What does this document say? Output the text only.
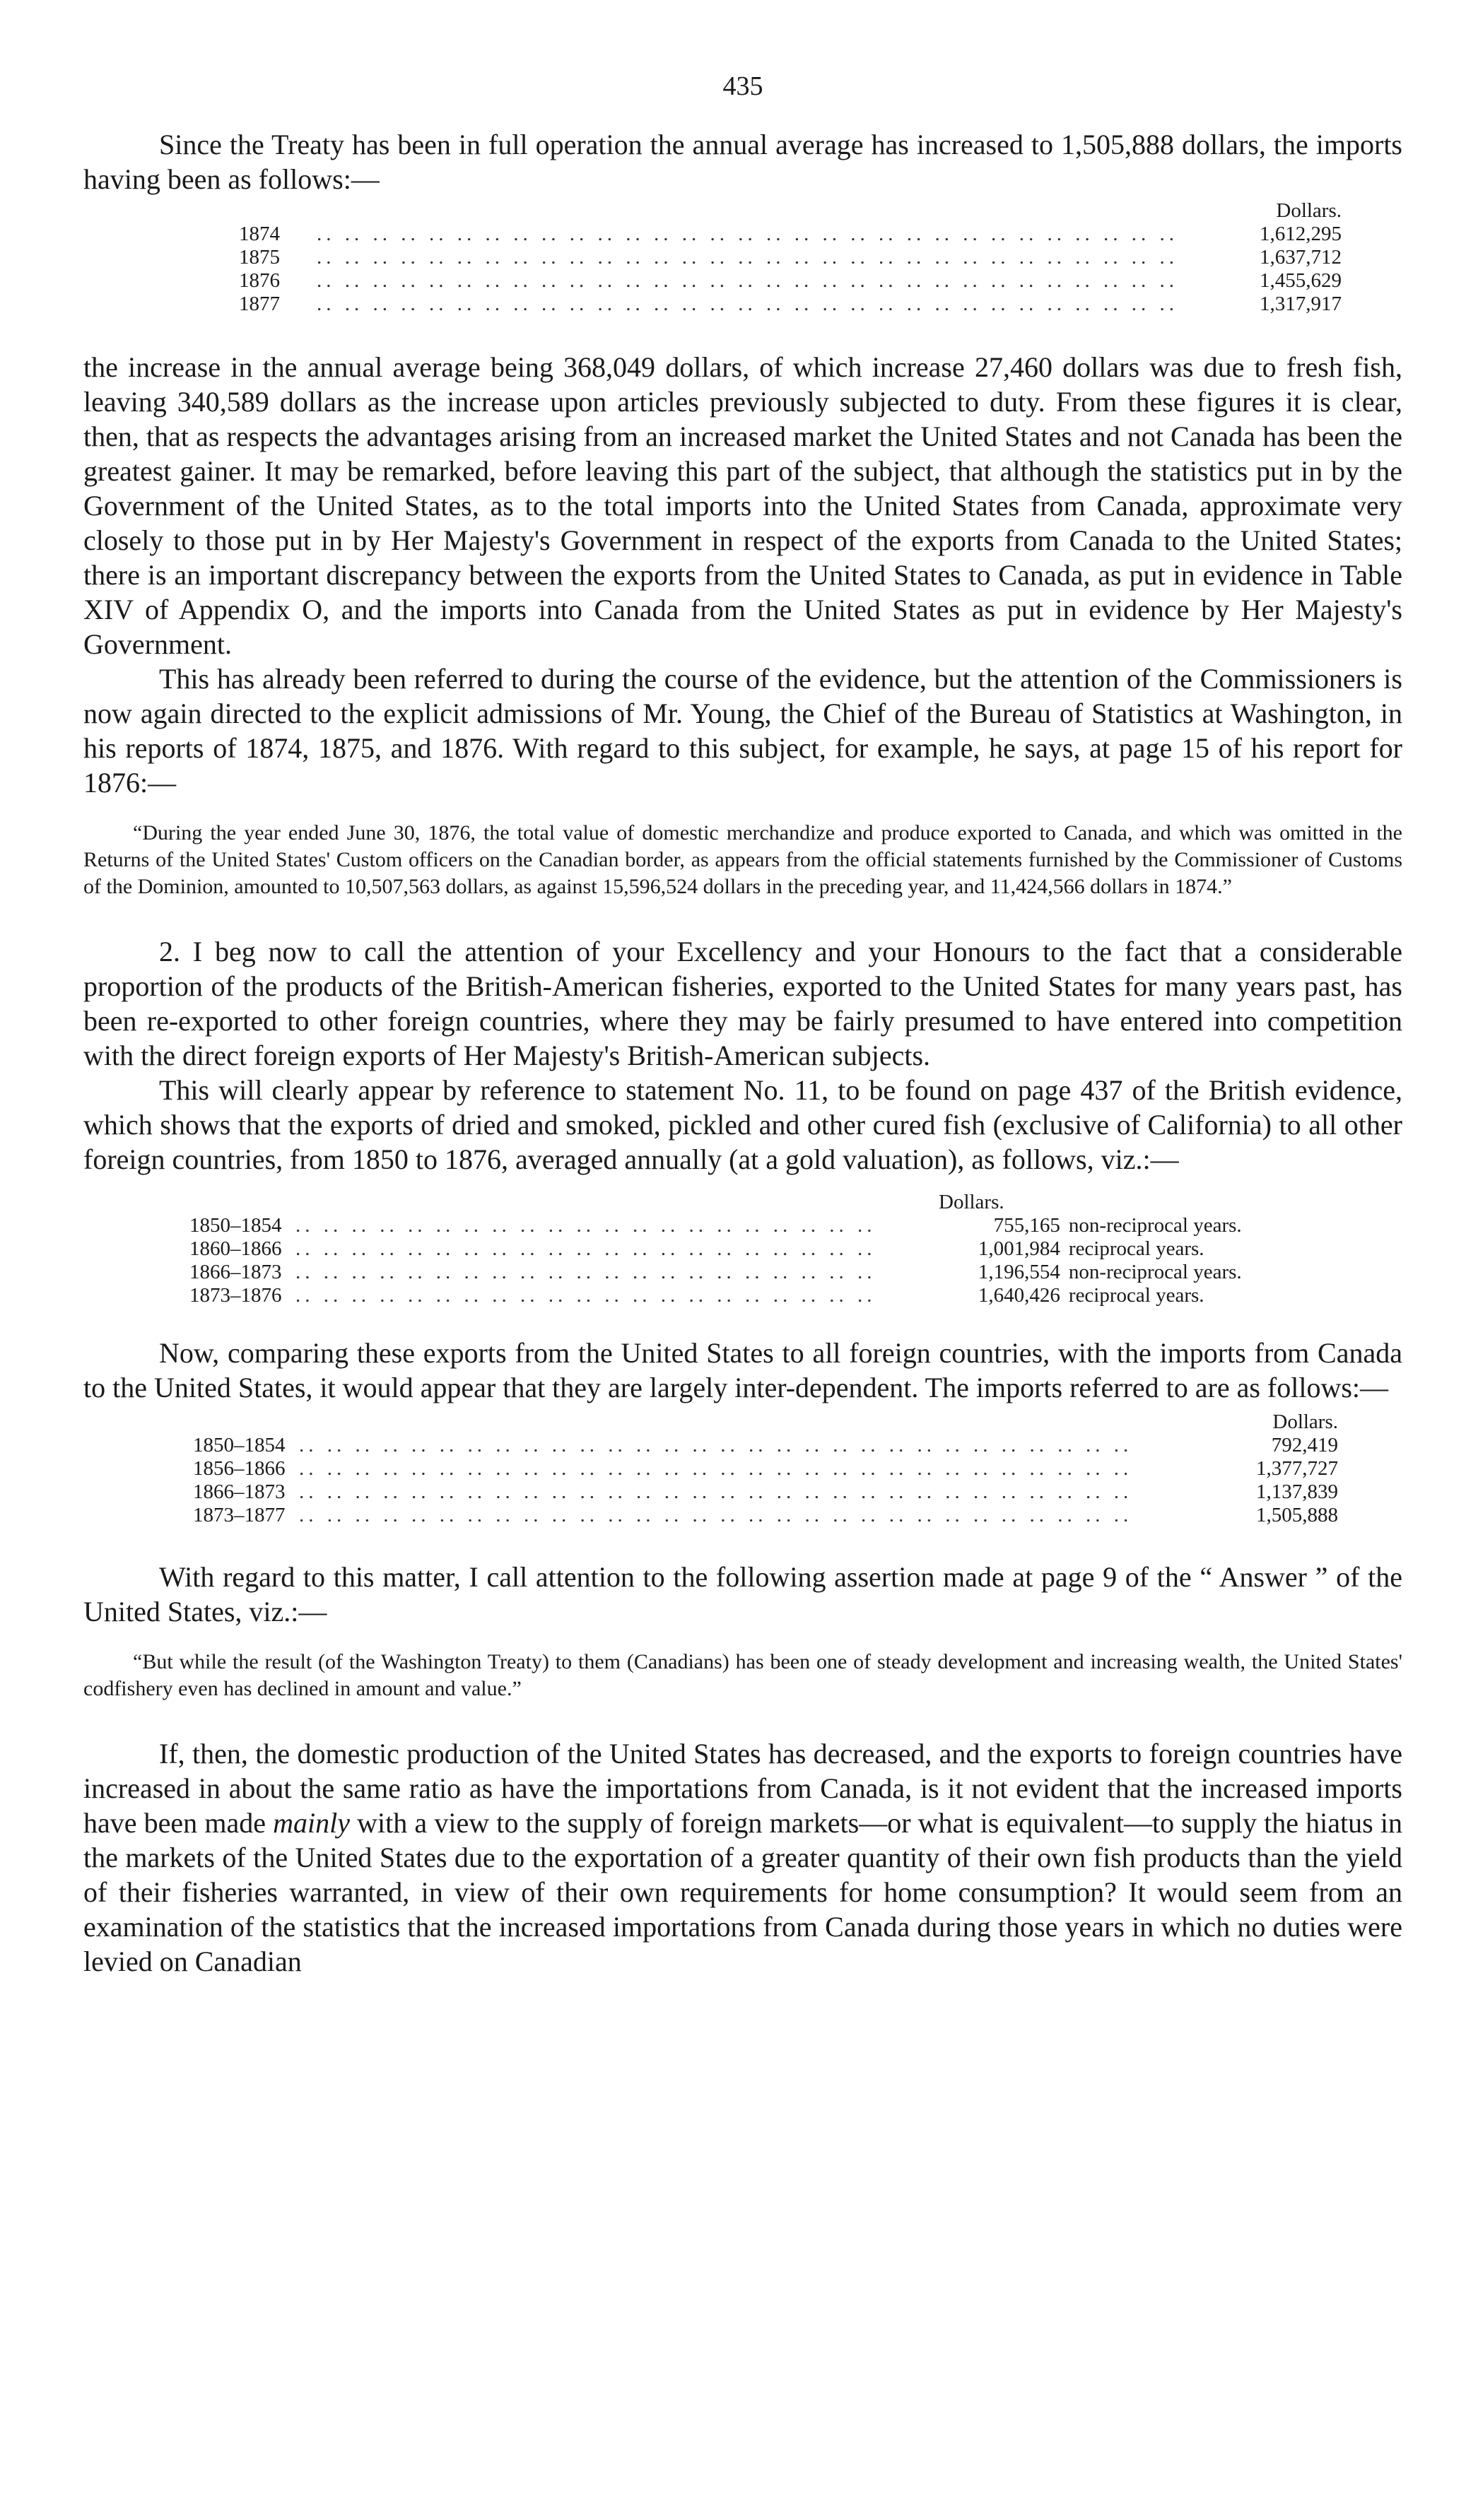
435

Since the Treaty has been in full operation the annual average has increased to 1,505,888 dollars, the imports having been as follows:—

Dollars.		
1874	.. .. .. .. .. .. .. .. .. .. .. .. .. .. .. .. .. .. .. .. .. .. .. .. .. .. .. .. .. .. ..	1,612,295
1875	.. .. .. .. .. .. .. .. .. .. .. .. .. .. .. .. .. .. .. .. .. .. .. .. .. .. .. .. .. .. ..	1,637,712
1876	.. .. .. .. .. .. .. .. .. .. .. .. .. .. .. .. .. .. .. .. .. .. .. .. .. .. .. .. .. .. ..	1,455,629
1877	.. .. .. .. .. .. .. .. .. .. .. .. .. .. .. .. .. .. .. .. .. .. .. .. .. .. .. .. .. .. ..	1,317,917

the increase in the annual average being 368,049 dollars, of which increase 27,460 dollars was due to fresh fish, leaving 340,589 dollars as the increase upon articles previously subjected to duty. From these figures it is clear, then, that as respects the advantages arising from an increased market the United States and not Canada has been the greatest gainer. It may be remarked, before leaving this part of the subject, that although the statistics put in by the Government of the United States, as to the total imports into the United States from Canada, approximate very closely to those put in by Her Majesty's Government in respect of the exports from Canada to the United States; there is an important discrepancy between the exports from the United States to Canada, as put in evidence in Table XIV of Appendix O, and the imports into Canada from the United States as put in evidence by Her Majesty's Government.

This has already been referred to during the course of the evidence, but the attention of the Commissioners is now again directed to the explicit admissions of Mr. Young, the Chief of the Bureau of Statistics at Washington, in his reports of 1874, 1875, and 1876. With regard to this subject, for example, he says, at page 15 of his report for 1876:—

“During the year ended June 30, 1876, the total value of domestic merchandize and produce exported to Canada, and which was omitted in the Returns of the United States' Custom officers on the Canadian border, as appears from the official statements furnished by the Commissioner of Customs of the Dominion, amounted to 10,507,563 dollars, as against 15,596,524 dollars in the preceding year, and 11,424,566 dollars in 1874.”

2. I beg now to call the attention of your Excellency and your Honours to the fact that a considerable proportion of the products of the British-American fisheries, exported to the United States for many years past, has been re-exported to other foreign countries, where they may be fairly presumed to have entered into competition with the direct foreign exports of Her Majesty's British-American subjects.

This will clearly appear by reference to statement No. 11, to be found on page 437 of the British evidence, which shows that the exports of dried and smoked, pickled and other cured fish (exclusive of California) to all other foreign countries, from 1850 to 1876, averaged annually (at a gold valuation), as follows, viz.:—

		Dollars.	
1850–1854	.. .. .. .. .. .. .. .. .. .. .. .. .. .. .. .. .. .. .. .. ..	755,165	non-reciprocal years.
1860–1866	.. .. .. .. .. .. .. .. .. .. .. .. .. .. .. .. .. .. .. .. ..	1,001,984	reciprocal years.
1866–1873	.. .. .. .. .. .. .. .. .. .. .. .. .. .. .. .. .. .. .. .. ..	1,196,554	non-reciprocal years.
1873–1876	.. .. .. .. .. .. .. .. .. .. .. .. .. .. .. .. .. .. .. .. ..	1,640,426	reciprocal years.

Now, comparing these exports from the United States to all foreign countries, with the imports from Canada to the United States, it would appear that they are largely inter-dependent. The imports referred to are as follows:—

Dollars.		
1850–1854	.. .. .. .. .. .. .. .. .. .. .. .. .. .. .. .. .. .. .. .. .. .. .. .. .. .. .. .. .. ..	792,419
1856–1866	.. .. .. .. .. .. .. .. .. .. .. .. .. .. .. .. .. .. .. .. .. .. .. .. .. .. .. .. .. ..	1,377,727
1866–1873	.. .. .. .. .. .. .. .. .. .. .. .. .. .. .. .. .. .. .. .. .. .. .. .. .. .. .. .. .. ..	1,137,839
1873–1877	.. .. .. .. .. .. .. .. .. .. .. .. .. .. .. .. .. .. .. .. .. .. .. .. .. .. .. .. .. ..	1,505,888

With regard to this matter, I call attention to the following assertion made at page 9 of the “ Answer ” of the United States, viz.:—

“But while the result (of the Washington Treaty) to them (Canadians) has been one of steady development and increasing wealth, the United States' codfishery even has declined in amount and value.”

If, then, the domestic production of the United States has decreased, and the exports to foreign countries have increased in about the same ratio as have the importations from Canada, is it not evident that the increased imports have been made mainly with a view to the supply of foreign markets—or what is equivalent—to supply the hiatus in the markets of the United States due to the exportation of a greater quantity of their own fish products than the yield of their fisheries warranted, in view of their own requirements for home consumption? It would seem from an examination of the statistics that the increased importations from Canada during those years in which no duties were levied on Canadian
